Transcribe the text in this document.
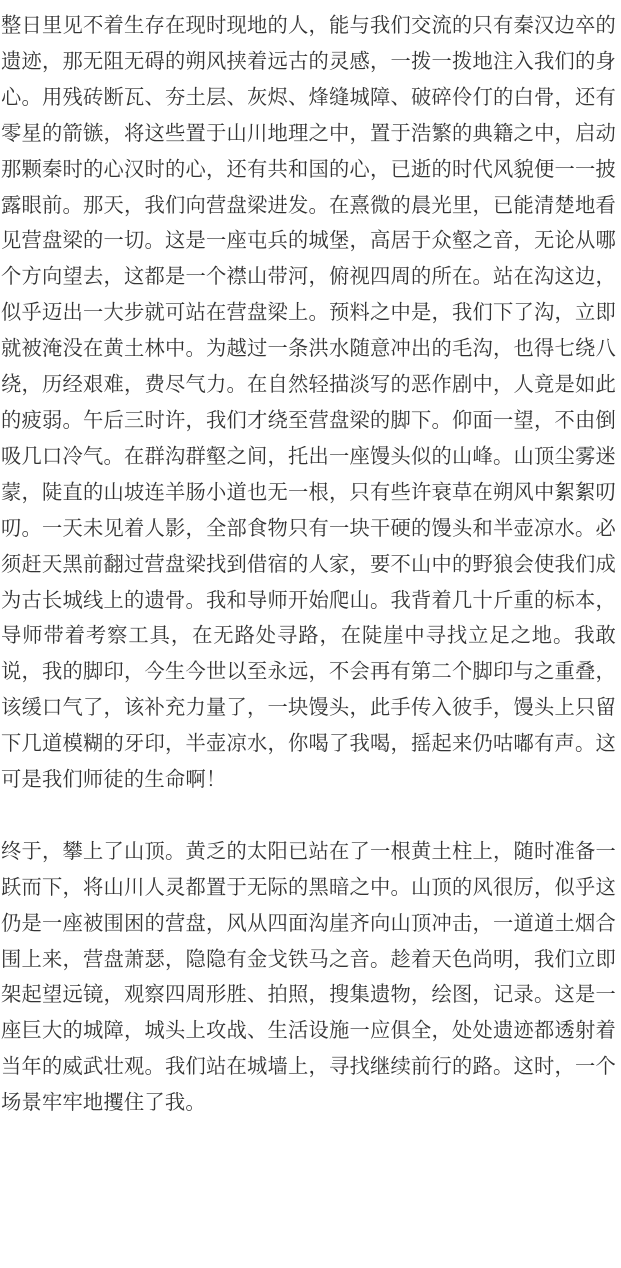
整日里见不着生存在现时现地的人，能与我们交流的只有秦汉边卒的遗迹，那无阻无碍的朔风挟着远古的灵感，一拨一拨地注入我们的身心。用残砖断瓦、夯土层、灰烬、烽缝城障、破碎伶仃的白骨，还有零星的箭镞，将这些置于山川地理之中，置于浩繁的典籍之中，启动那颗秦时的心汉时的心，还有共和国的心，已逝的时代风貌便一一披露眼前。那天，我们向营盘梁进发。在熹微的晨光里，已能清楚地看见营盘梁的一切。这是一座屯兵的城堡，高居于众壑之音，无论从哪个方向望去，这都是一个襟山带河，俯视四周的所在。站在沟这边，似乎迈出一大步就可站在营盘梁上。预料之中是，我们下了沟，立即就被淹没在黄土林中。为越过一条洪水随意冲出的毛沟，也得七绕八绕，历经艰难，费尽气力。在自然轻描淡写的恶作剧中，人竟是如此的疲弱。午后三时许，我们才绕至营盘梁的脚下。仰面一望，不由倒吸几口冷气。在群沟群壑之间，托出一座馒头似的山峰。山顶尘雾迷蒙，陡直的山坡连羊肠小道也无一根，只有些许衰草在朔风中絮絮叨叨。一天未见着人影，全部食物只有一块干硬的馒头和半壶凉水。必须赶天黑前翻过营盘梁找到借宿的人家，要不山中的野狼会使我们成为古长城线上的遗骨。我和导师开始爬山。我背着几十斤重的标本，导师带着考察工具，在无路处寻路，在陡崖中寻找立足之地。我敢说，我的脚印，今生今世以至永远，不会再有第二个脚印与之重叠，该缓口气了，该补充力量了，一块馒头，此手传入彼手，馒头上只留下几道模糊的牙印，半壶凉水，你喝了我喝，摇起来仍咕嘟有声。这可是我们师徒的生命啊！

终于，攀上了山顶。黄乏的太阳已站在了一根黄土柱上，随时准备一跃而下，将山川人灵都置于无际的黑暗之中。山顶的风很厉，似乎这仍是一座被围困的营盘，风从四面沟崖齐向山顶冲击，一道道土烟合围上来，营盘萧瑟，隐隐有金戈铁马之音。趁着天色尚明，我们立即架起望远镜，观察四周形胜、拍照，搜集遗物，绘图，记录。这是一座巨大的城障，城头上攻战、生活设施一应俱全，处处遗迹都透射着当年的威武壮观。我们站在城墙上，寻找继续前行的路。这时，一个场景牢牢地攫住了我。
